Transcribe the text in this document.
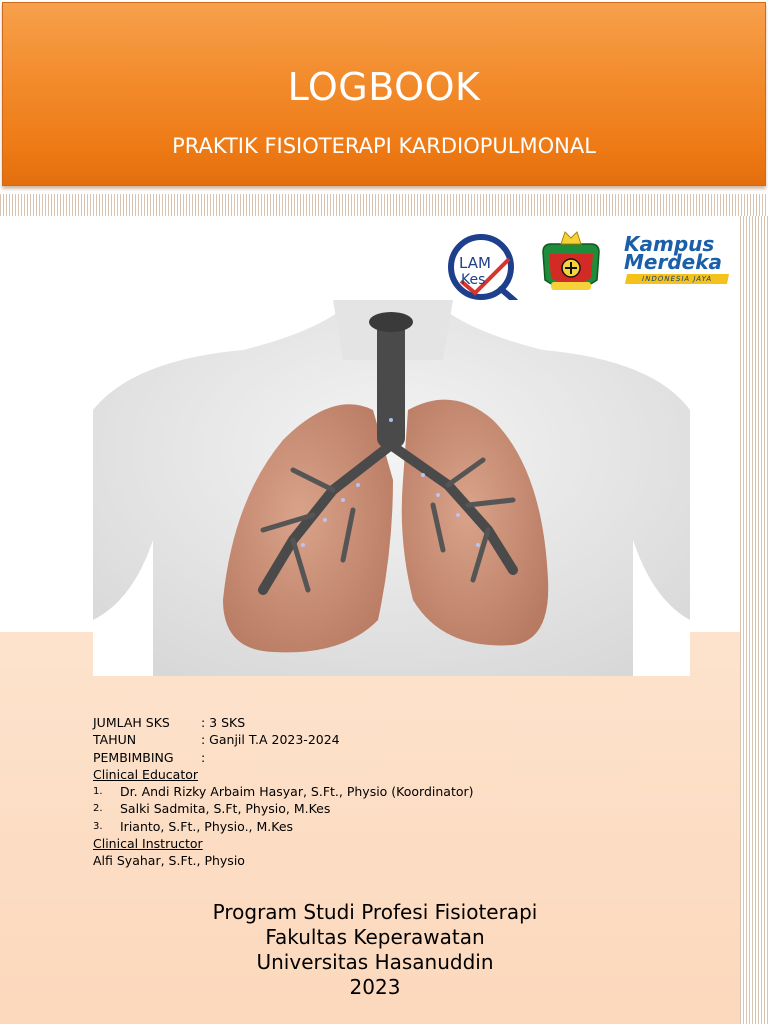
LOGBOOK
PRAKTIK FISIOTERAPI KARDIOPULMONAL
LAM
Kes
Kampus
Merdeka
INDONESIA JAYA
JUMLAH SKS	: 3 SKS
TAHUN	: Ganjil T.A 2023-2024
PEMBIMBING	:
Clinical Educator
1.	Dr. Andi Rizky Arbaim Hasyar, S.Ft., Physio (Koordinator)
2.	Salki Sadmita, S.Ft, Physio, M.Kes
3.	Irianto, S.Ft., Physio., M.Kes
Clinical Instructor
Alfi Syahar, S.Ft., Physio
Program Studi Profesi Fisioterapi
Fakultas Keperawatan
Universitas Hasanuddin
2023
